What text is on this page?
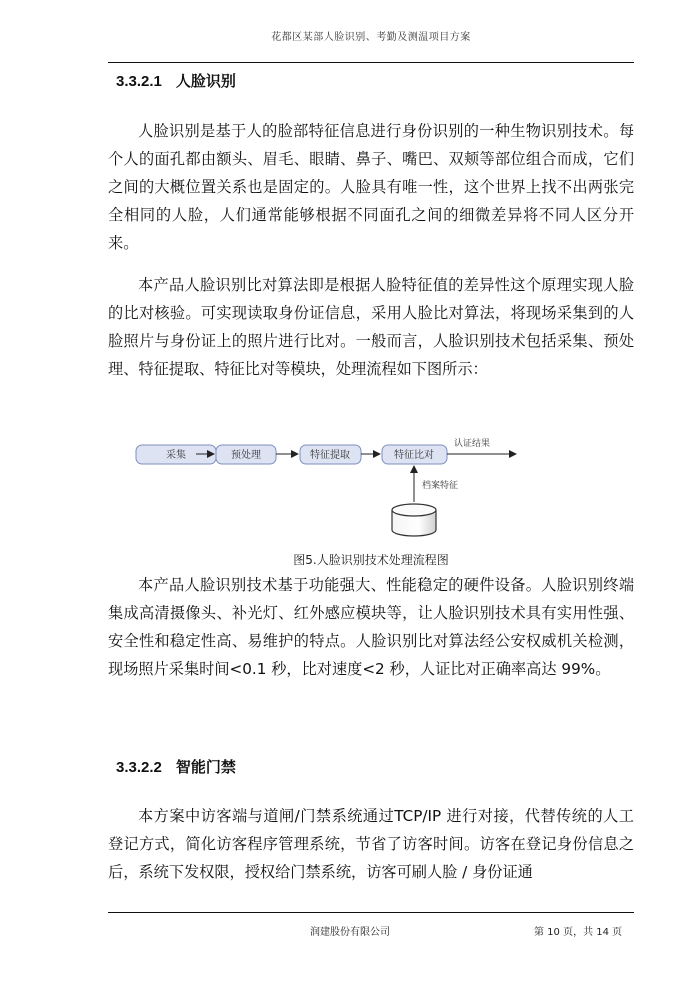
花都区某部人脸识别、考勤及测温项目方案
3.3.2.1 人脸识别

人脸识别是基于人的脸部特征信息进行身份识别的一种生物识别技术。每个人的面孔都由额头、眉毛、眼睛、鼻子、嘴巴、双颊等部位组合而成，它们之间的大概位置关系也是固定的。人脸具有唯一性，这个世界上找不出两张完全相同的人脸，人们通常能够根据不同面孔之间的细微差异将不同人区分开来。

本产品人脸识别比对算法即是根据人脸特征值的差异性这个原理实现人脸的比对核验。可实现读取身份证信息，采用人脸比对算法，将现场采集到的人脸照片与身份证上的照片进行比对。一般而言，人脸识别技术包括采集、预处理、特征提取、特征比对等模块，处理流程如下图所示：

采集	预处理	特征提取	特征比对
认证结果
档案特征
图5.人脸识别技术处理流程图

本产品人脸识别技术基于功能强大、性能稳定的硬件设备。人脸识别终端集成高清摄像头、补光灯、红外感应模块等，让人脸识别技术具有实用性强、安全性和稳定性高、易维护的特点。人脸识别比对算法经公安权威机关检测，现场照片采集时间<0.1 秒，比对速度<2 秒，人证比对正确率高达 99%。

3.3.2.2 智能门禁

本方案中访客端与道闸/门禁系统通过TCP/IP 进行对接，代替传统的人工登记方式，简化访客程序管理系统，节省了访客时间。访客在登记身份信息之后，系统下发权限，授权给门禁系统，访客可刷人脸 / 身份证通

润建股份有限公司	第 10 页，共 14 页
